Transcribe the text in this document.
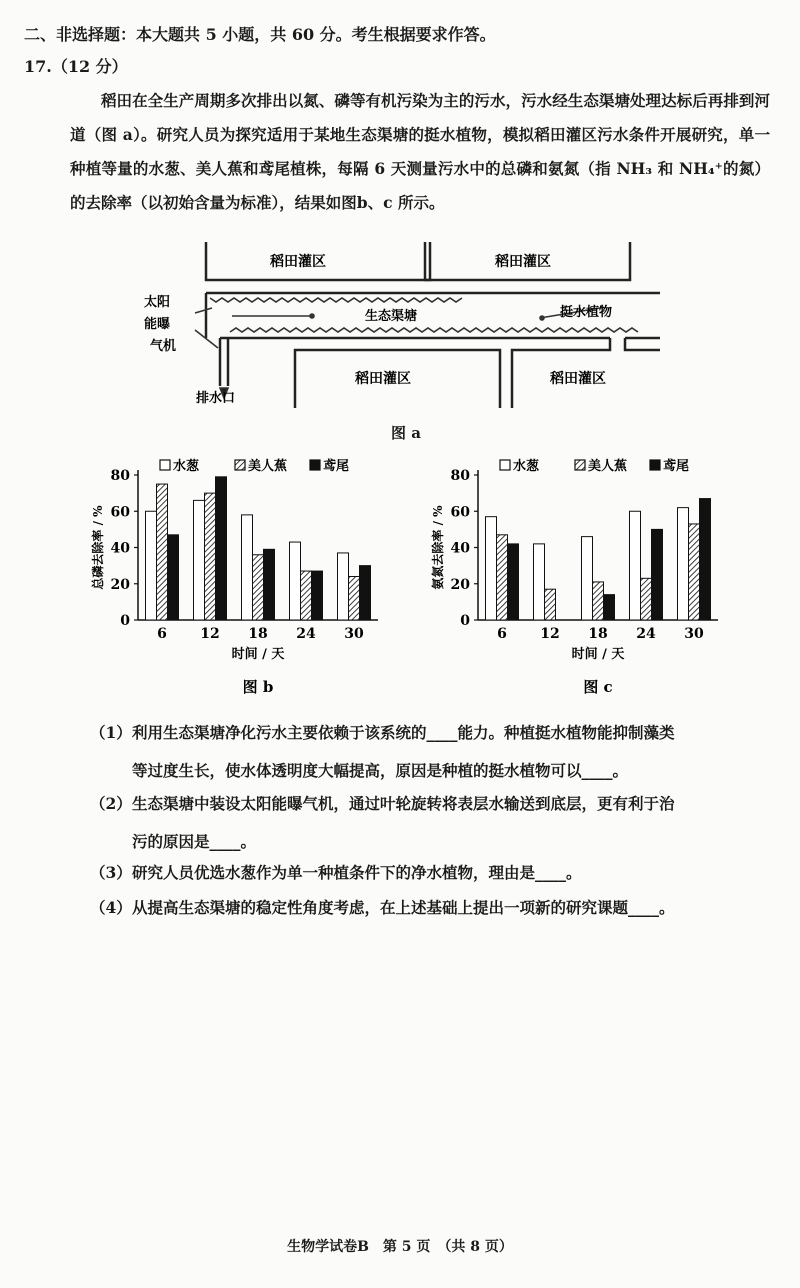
二、非选择题：本大题共 5 小题，共 60 分。考生根据要求作答。
17.（12 分）
稻田在全生产周期多次排出以氮、磷等有机污染为主的污水，污水经生态渠塘处理达标后再排到河道（图 a）。研究人员为探究适用于某地生态渠塘的挺水植物，模拟稻田灌区污水条件开展研究，单一种植等量的水葱、美人蕉和鸢尾植株，每隔 6 天测量污水中的总磷和氨氮（指 NH₃ 和 NH₄⁺的氮）的去除率（以初始含量为标准），结果如图b、c 所示。
稻田灌区	稻田灌区
稻田灌区	稻田灌区
生态渠塘	挺水植物
太阳
能曝
气机
排水口
图 a
水葱	美人蕉	鸢尾
0
20
40
60
80
总磷去除率 / %
6 12 18 24 30
时间 / 天
图 b
水葱	美人蕉	鸢尾
0
20
40
60
80
氨氮去除率 / %
6 12 18 24 30
时间 / 天
图 c
（1） 利用生态渠塘净化污水主要依赖于该系统的____能力。种植挺水植物能抑制藻类
等过度生长，使水体透明度大幅提高，原因是种植的挺水植物可以____。
（2） 生态渠塘中装设太阳能曝气机，通过叶轮旋转将表层水输送到底层，更有利于治
污的原因是____。
（3） 研究人员优选水葱作为单一种植条件下的净水植物，理由是____。
（4） 从提高生态渠塘的稳定性角度考虑，在上述基础上提出一项新的研究课题____。
生物学试卷B　第 5 页　（共 8 页）
